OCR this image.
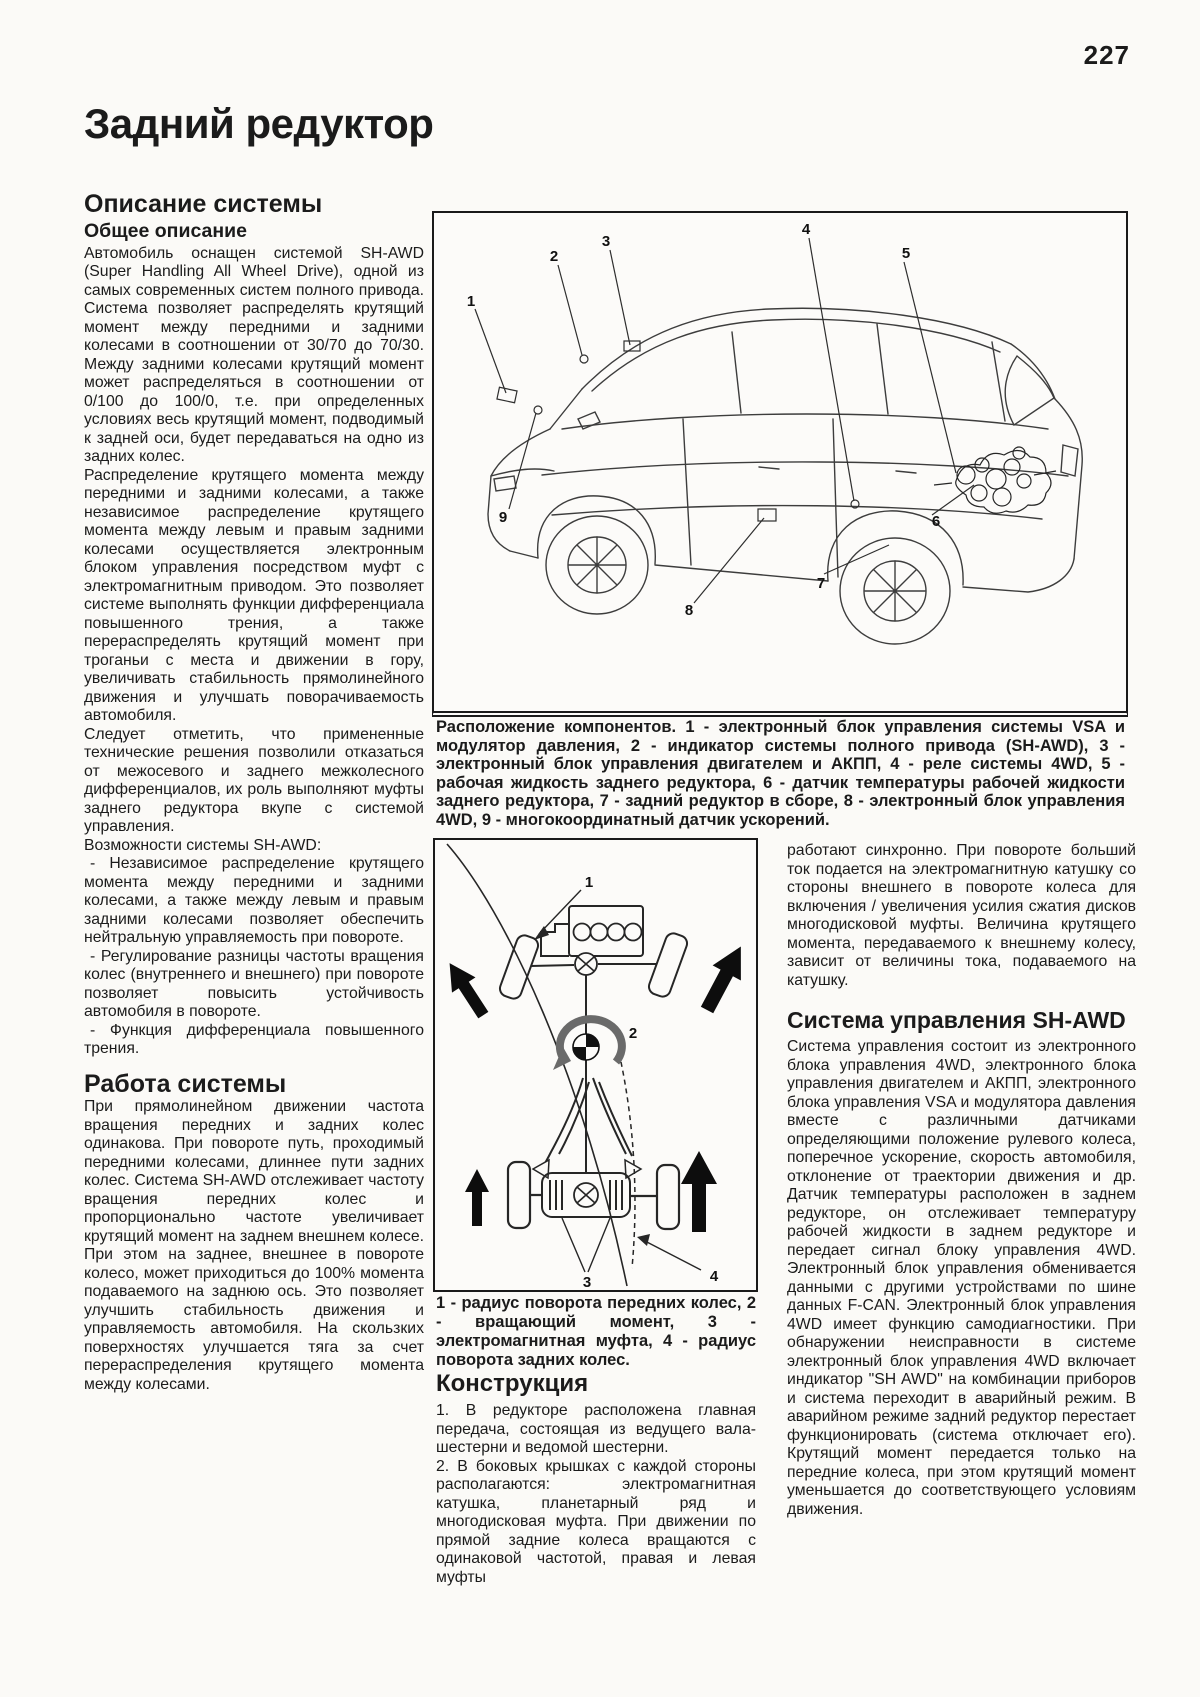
227
Задний редуктор
Описание системы
Общее описание

Автомобиль оснащен системой SH-AWD (Super Handling All Wheel Drive), одной из самых современных систем полного привода. Система позволяет распределять крутящий момент между передними и задними колесами в соотношении от 30/70 до 70/30. Между задними колесами крутящий момент может распределяться в соотношении от 0/100 до 100/0, т.е. при определенных условиях весь крутящий момент, подводимый к задней оси, будет передаваться на одно из задних колес.

Распределение крутящего момента между передними и задними колесами, а также независимое распределение крутящего момента между левым и правым задними колесами осуществляется электронным блоком управления посредством муфт с электромагнитным приводом. Это позволяет системе выполнять функции дифференциала повышенного трения, а также перераспределять крутящий момент при троганьи с места и движении в гору, увеличивать стабильность прямолинейного движения и улучшать поворачиваемость автомобиля.

Следует отметить, что примененные технические решения позволили отказаться от межосевого и заднего межколесного дифференциалов, их роль выполняют муфты заднего редуктора вкупе с системой управления.

Возможности системы SH-AWD:

- Независимое распределение крутящего момента между передними и задними колесами, а также между левым и правым задними колесами позволяет обеспечить нейтральную управляемость при повороте.

- Регулирование разницы частоты вращения колес (внутреннего и внешнего) при повороте позволяет повысить устойчивость автомобиля в повороте.

- Функция дифференциала повышенного трения.

Работа системы

При прямолинейном движении частота вращения передних и задних колес одинакова. При повороте путь, проходимый передними колесами, длиннее пути задних колес. Система SH-AWD отслеживает частоту вращения передних колес и пропорционально частоте увеличивает крутящий момент на заднем внешнем колесе. При этом на заднее, внешнее в повороте колесо, может приходиться до 100% момента подаваемого на заднюю ось. Это позволяет улучшить стабильность движения и управляемость автомобиля. На скользких поверхностях улучшается тяга за счет перераспределения крутящего момента между колесами.

1
2
3
4
5
6
7
8
9
Расположение компонентов. 1 - электронный блок управления системы VSA и модулятор давления, 2 - индикатор системы полного привода (SH-AWD), 3 - электронный блок управления двигателем и АКПП, 4 - реле системы 4WD, 5 - рабочая жидкость заднего редуктора, 6 - датчик температуры рабочей жидкости заднего редуктора, 7 - задний редуктор в сборе, 8 - электронный блок управления 4WD, 9 - многокоординатный датчик ускорений.
1
2
3	4

1 - радиус поворота передних колес, 2 - вращающий момент, 3 - электромагнитная муфта, 4 - радиус поворота задних колес.

Конструкция

1. В редукторе расположена главная передача, состоящая из ведущего вала-шестерни и ведомой шестерни.

2. В боковых крышках с каждой стороны располагаются: электромагнитная катушка, планетарный ряд и многодисковая муфта. При движении по прямой задние колеса вращаются с одинаковой частотой, правая и левая муфты

работают синхронно. При повороте больший ток подается на электромагнитную катушку со стороны внешнего в повороте колеса для включения / увеличения усилия сжатия дисков многодисковой муфты. Величина крутящего момента, передаваемого к внешнему колесу, зависит от величины тока, подаваемого на катушку.

Система управления SH-AWD

Система управления состоит из электронного блока управления 4WD, электронного блока управления двигателем и АКПП, электронного блока управления VSA и модулятора давления вместе с различными датчиками определяющими положение рулевого колеса, поперечное ускорение, скорость автомобиля, отклонение от траектории движения и др. Датчик температуры расположен в заднем редукторе, он отслеживает температуру рабочей жидкости в заднем редукторе и передает сигнал блоку управления 4WD. Электронный блок управления обменивается данными с другими устройствами по шине данных F-CAN. Электронный блок управления 4WD имеет функцию самодиагностики. При обнаружении неисправности в системе электронный блок управления 4WD включает индикатор "SH AWD" на комбинации приборов и система переходит в аварийный режим. В аварийном режиме задний редуктор перестает функционировать (система отключает его). Крутящий момент передается только на передние колеса, при этом крутящий момент уменьшается до соответствующего условиям движения.
